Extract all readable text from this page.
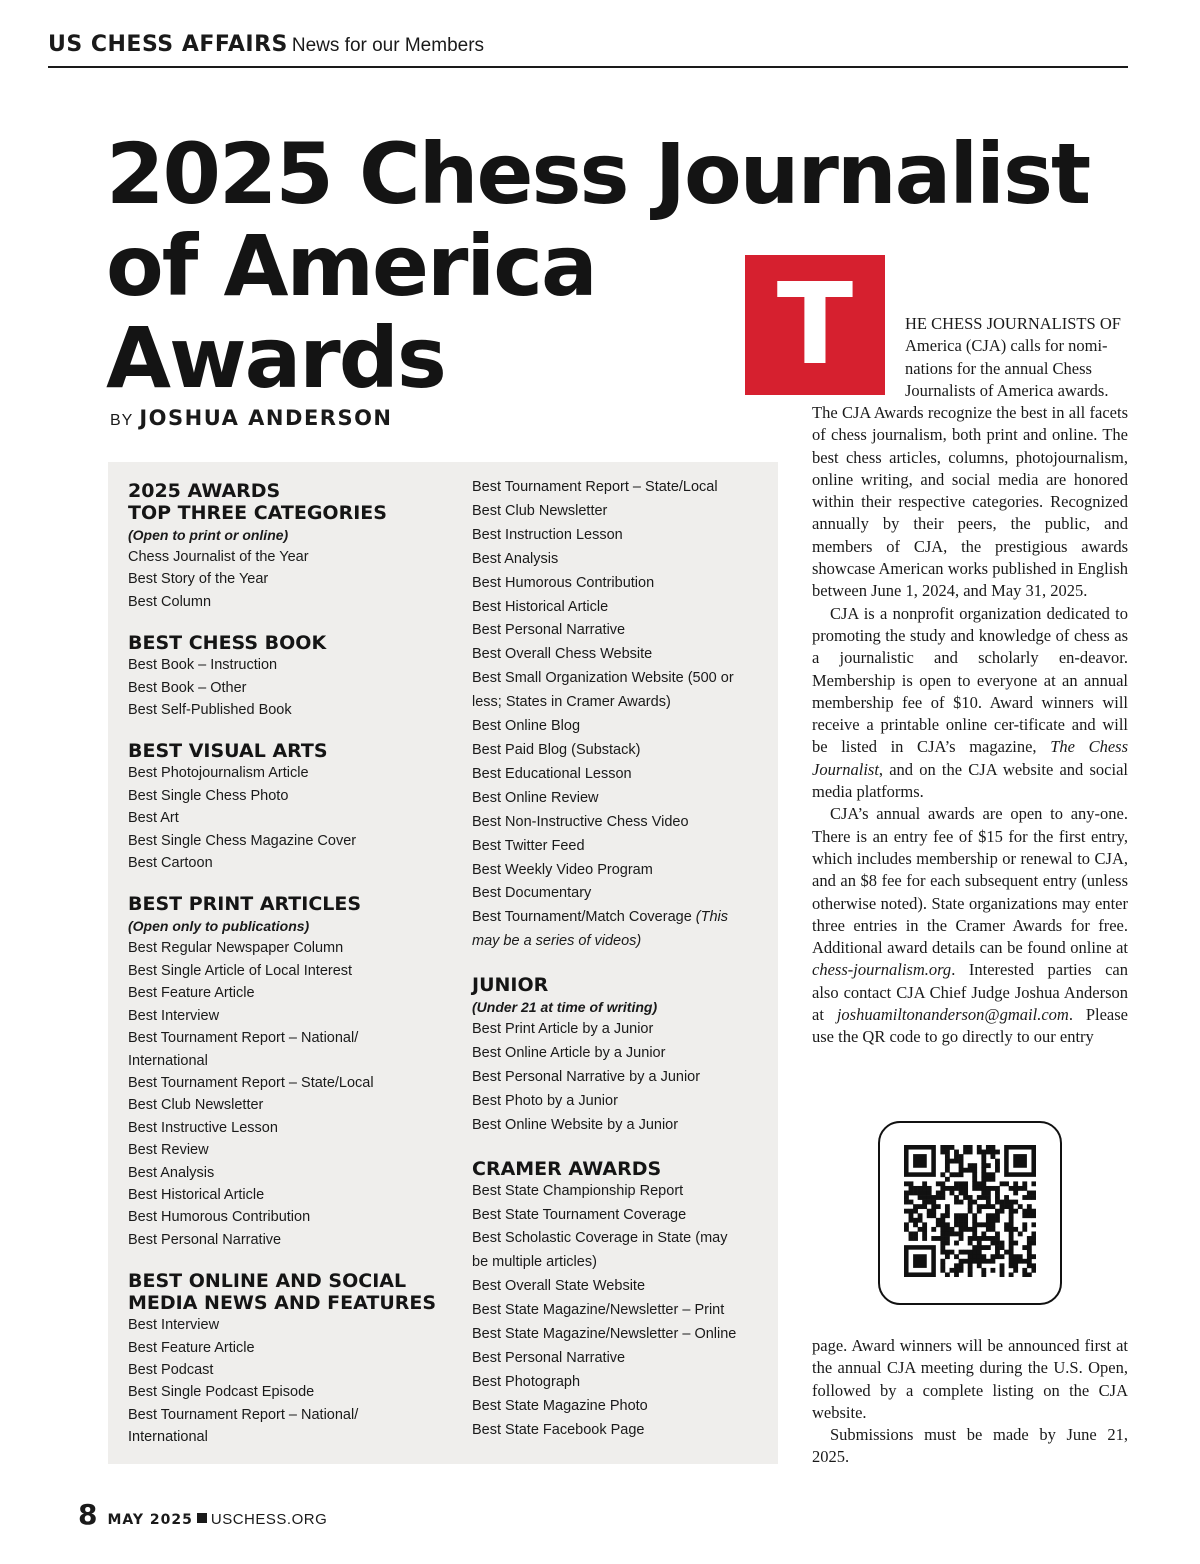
US CHESS AFFAIRS News for our Members
2025 Chess Journalist
of America
Awards
BY JOSHUA ANDERSON
2025 AWARDS
TOP THREE CATEGORIES
(Open to print or online)
Chess Journalist of the Year
Best Story of the Year
Best Column
BEST CHESS BOOK
Best Book – Instruction
Best Book – Other
Best Self-Published Book
BEST VISUAL ARTS
Best Photojournalism Article
Best Single Chess Photo
Best Art
Best Single Chess Magazine Cover
Best Cartoon
BEST PRINT ARTICLES
(Open only to publications)
Best Regular Newspaper Column
Best Single Article of Local Interest
Best Feature Article
Best Interview
Best Tournament Report – National/
International
Best Tournament Report – State/Local
Best Club Newsletter
Best Instructive Lesson
Best Review
Best Analysis
Best Historical Article
Best Humorous Contribution
Best Personal Narrative
BEST ONLINE AND SOCIAL
MEDIA NEWS AND FEATURES
Best Interview
Best Feature Article
Best Podcast
Best Single Podcast Episode
Best Tournament Report – National/
International
Best Tournament Report – State/Local
Best Club Newsletter
Best Instruction Lesson
Best Analysis
Best Humorous Contribution
Best Historical Article
Best Personal Narrative
Best Overall Chess Website
Best Small Organization Website (500 or
less; States in Cramer Awards)
Best Online Blog
Best Paid Blog (Substack)
Best Educational Lesson
Best Online Review
Best Non-Instructive Chess Video
Best Twitter Feed
Best Weekly Video Program
Best Documentary
Best Tournament/Match Coverage (This
may be a series of videos)
JUNIOR
(Under 21 at time of writing)
Best Print Article by a Junior
Best Online Article by a Junior
Best Personal Narrative by a Junior
Best Photo by a Junior
Best Online Website by a Junior
CRAMER AWARDS
Best State Championship Report
Best State Tournament Coverage
Best Scholastic Coverage in State (may
be multiple articles)
Best Overall State Website
Best State Magazine/Newsletter – Print
Best State Magazine/Newsletter – Online
Best Personal Narrative
Best Photograph
Best State Magazine Photo
Best State Facebook Page
T	HE CHESS JOURNALISTS OF
America (CJA) calls for nomi-
nations for the annual Chess
Journalists of America awards.

The CJA Awards recognize the best in all facets of chess journalism, both print and online. The best chess articles, columns, photojournalism, online writing, and social media are honored within their respective categories. Recognized annually by their peers, the public, and members of CJA, the prestigious awards showcase American works published in English between June 1, 2024, and May 31, 2025.

CJA is a nonprofit organization dedicated to promoting the study and knowledge of chess as a journalistic and scholarly en-deavor. Membership is open to everyone at an annual membership fee of $10. Award winners will receive a printable online cer-tificate and will be listed in CJA’s magazine, The Chess Journalist, and on the CJA website and social media platforms.

CJA’s annual awards are open to any-one. There is an entry fee of $15 for the first entry, which includes membership or renewal to CJA, and an $8 fee for each subsequent entry (unless otherwise noted). State organizations may enter three entries in the Cramer Awards for free. Additional award details can be found online at chess-journalism.org. Interested parties can also contact CJA Chief Judge Joshua Anderson at joshuamiltonanderson@gmail.com. Please use the QR code to go directly to our entry

page. Award winners will be announced first at the annual CJA meeting during the U.S. Open, followed by a complete listing on the CJA website.

Submissions must be made by June 21, 2025.

8 MAY 2025 USCHESS.ORG
